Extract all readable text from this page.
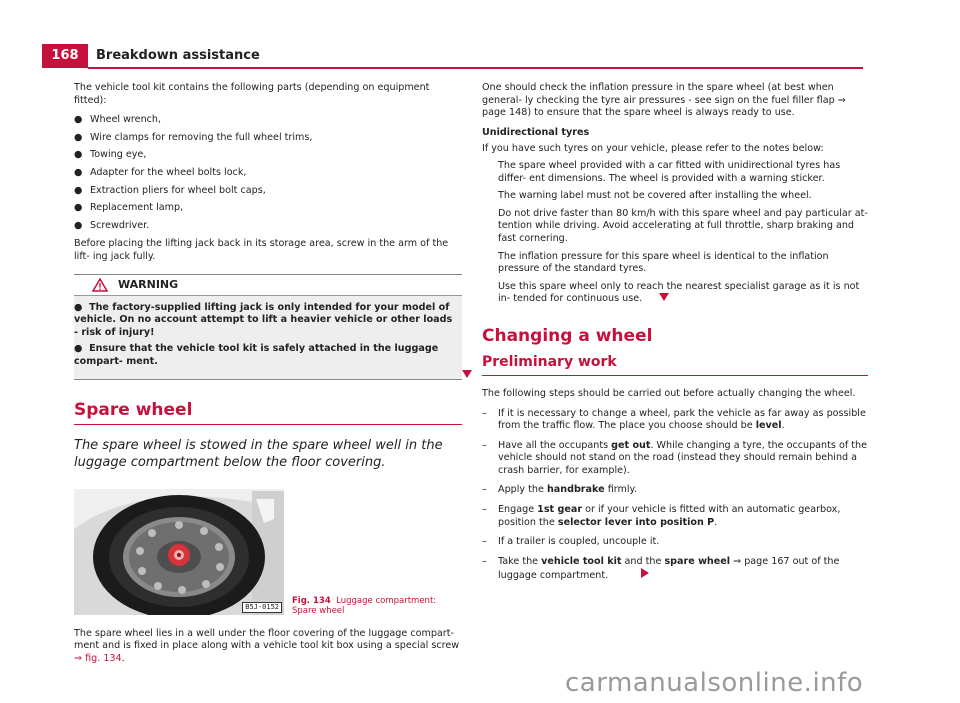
168	Breakdown assistance

The vehicle tool kit contains the following parts (depending on equipment fitted):

● Wheel wrench,
● Wire clamps for removing the full wheel trims,
● Towing eye,
● Adapter for the wheel bolts lock,
● Extraction pliers for wheel bolt caps,
● Replacement lamp,
● Screwdriver.

Before placing the lifting jack back in its storage area, screw in the arm of the lift- ing jack fully.

WARNING

● The factory-supplied lifting jack is only intended for your model of vehicle. On no account attempt to lift a heavier vehicle or other loads - risk of injury!

● Ensure that the vehicle tool kit is safely attached in the luggage compart- ment.

Spare wheel

The spare wheel is stowed in the spare wheel well in the luggage compartment below the floor covering.

B5J-0152
Fig. 134 Luggage compartment: Spare wheel

The spare wheel lies in a well under the floor covering of the luggage compart- ment and is fixed in place along with a vehicle tool kit box using a special screw
⇒ fig. 134.

One should check the inflation pressure in the spare wheel (at best when general- ly checking the tyre air pressures - see sign on the fuel filler flap ⇒ page 148) to ensure that the spare wheel is always ready to use.

Unidirectional tyres

If you have such tyres on your vehicle, please refer to the notes below:

The spare wheel provided with a car fitted with unidirectional tyres has differ- ent dimensions. The wheel is provided with a warning sticker.
The warning label must not be covered after installing the wheel.
Do not drive faster than 80 km/h with this spare wheel and pay particular at- tention while driving. Avoid accelerating at full throttle, sharp braking and fast cornering.
The inflation pressure for this spare wheel is identical to the inflation pressure of the standard tyres.
Use this spare wheel only to reach the nearest specialist garage as it is not in- tended for continuous use.
Changing a wheel
Preliminary work

The following steps should be carried out before actually changing the wheel.

– If it is necessary to change a wheel, park the vehicle as far away as possible from the traffic flow. The place you choose should be level.
– Have all the occupants get out. While changing a tyre, the occupants of the vehicle should not stand on the road (instead they should remain behind a crash barrier, for example).
– Apply the handbrake firmly.
– Engage 1st gear or if your vehicle is fitted with an automatic gearbox, position the selector lever into position P.
– If a trailer is coupled, uncouple it.
– Take the vehicle tool kit and the spare wheel ⇒ page 167 out of the luggage compartment.
carmanualsonline.info
